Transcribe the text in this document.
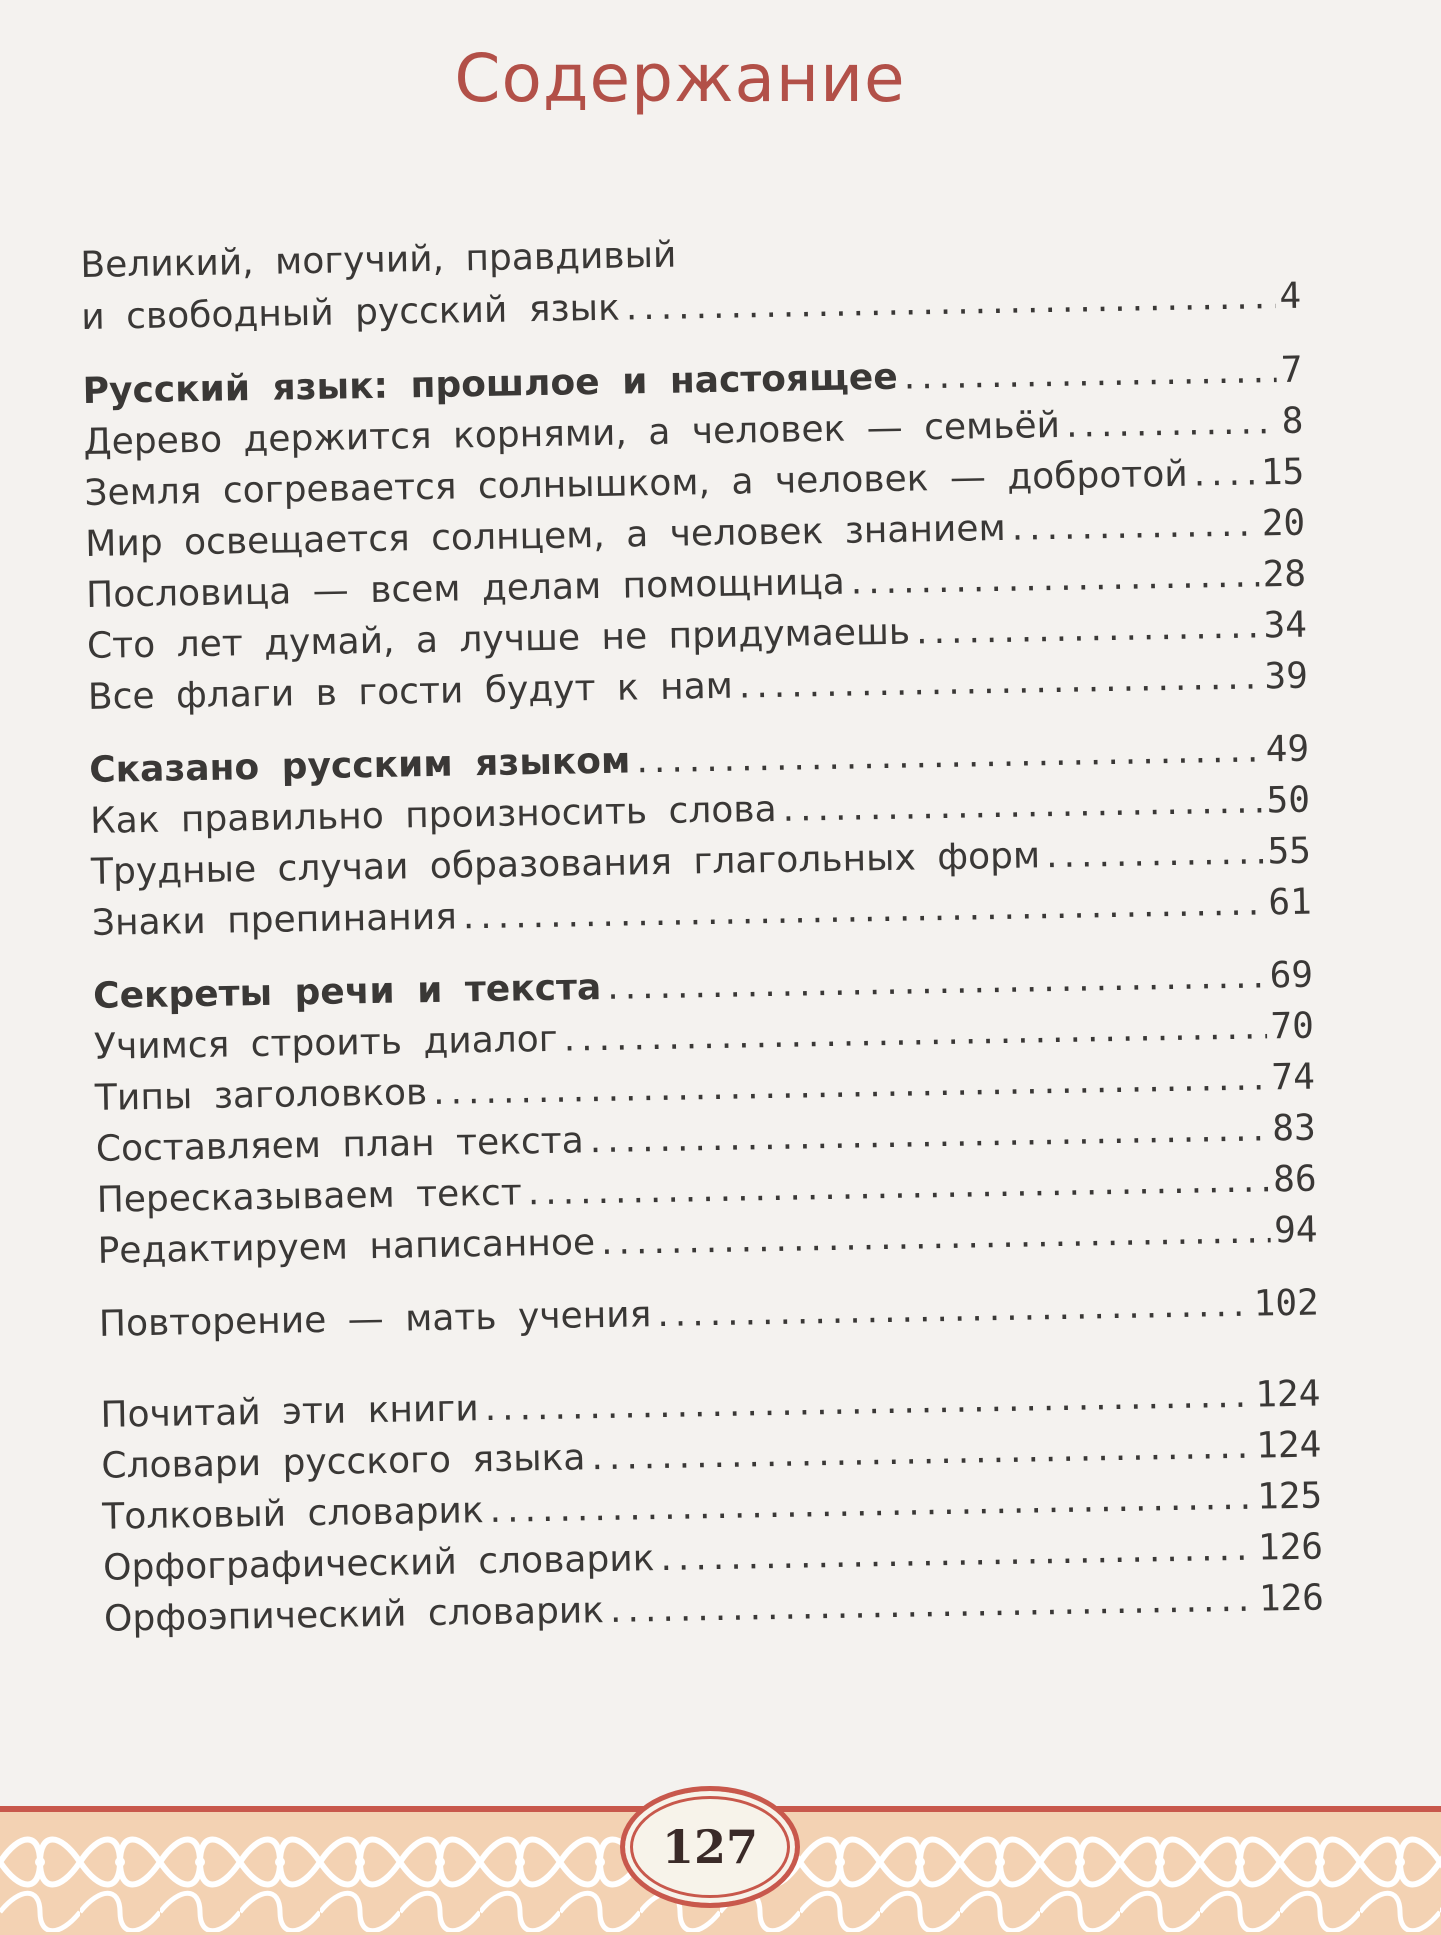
Содержание
Великий, могучий, правдивый
и свободный русский язык .....	4
Русский язык: прошлое и настоящее .....	7
Дерево держится корнями, а человек — семьёй .....	8
Земля согревается солнышком, а человек — добротой ..... 15
Мир освещается солнцем, а человек знанием .....	20
Пословица — всем делам помощница .....	28
Сто лет думай, а лучше не придумаешь .....	34
Все флаги в гости будут к нам .....	39
Сказано русским языком .....	49
Как правильно произносить слова .....	50
Трудные случаи образования глагольных форм .....	55
Знаки препинания .....	61
Секреты речи и текста .....	69
Учимся строить диалог .....	70
Типы заголовков .....	74
Составляем план текста .....	83
Пересказываем текст .....	86
Редактируем написанное .....	94
Повторение — мать учения .....	102
Почитай эти книги .....	124
Словари русского языка .....	124
Толковый словарик .....	125
Орфографический словарик .....	126
Орфоэпический словарик .....	126
127
